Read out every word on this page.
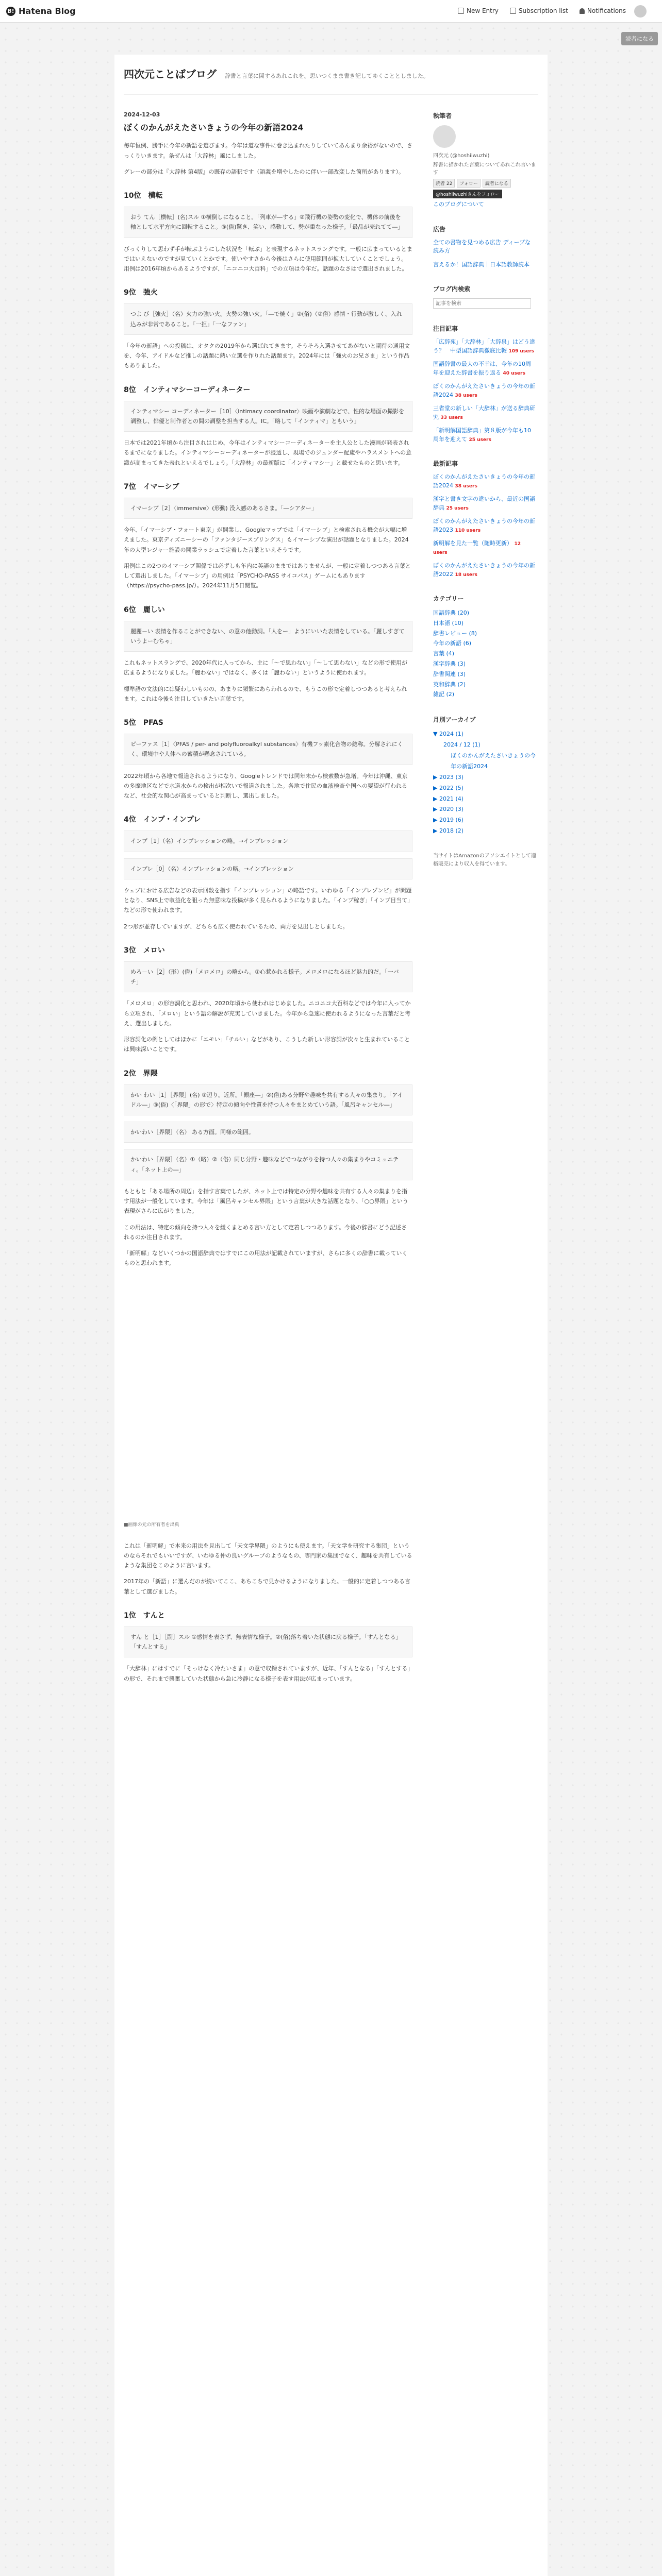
B! Hatena Blog	New Entry	Subscription list	Notifications
読者になる
四次元ことばブログ 辞書と言葉に関するあれこれを。思いつくまま書き記してゆくこととしました。
2024-12-03
ぼくのかんがえたさいきょうの今年の新語2024

毎年恒例、勝手に今年の新語を選びます。今年は道な事件に巻き込まれたりしていてあんまり余裕がないので、さっくりいきます。条ぜんは「大辞林」風にしました。

グレーの部分は『大辞林 第4版』の既存の語釈です（語義を増やしたのに伴い一部改変した箇所があります）。

10位　横転
おう てん［横転］(名)スル ①横倒しになること。「列車が―する」②飛行機の姿勢の変化で、機体の前後を軸として水平方向に回転すること。③(俗)驚き、笑い、感動して、勢が重なった様子。「最品が売れてて―」

びっくりして思わず手が転ぶようにした状況を「転ぶ」と表現するネットスラングです。一般に広まっているとまではいえないのですが見ていくとかです。使いやすさから今後はさらに使用範囲が拡大していくことでしょう。用例は2016年頃からあるようですが、「ニコニコ大百科」での立項は今年だ。話題のなさはで選出されました。

9位　強火
つよ び［強火］（名）火力の強い火。火勢の強い火。「―で焼く」②(俗)（②俗）感情・行動が激しく、入れ込みが非常であること。「一担」「一なファン」

「今年の新語」への投稿は、オタクの2019年から選ばれてきます。そうそろ入選させてあがないと期待の通用文を、今年、アイドルなど推しの話題に熱い立選を作りれた話題ます。2024年には「強火のお兄さま」という作品もありました。

8位　インティマシーコーディネーター
インティマシー コーディネーター［10］〈intimacy coordinator〉映画や演劇などで、性的な場面の撮影を調整し、俳優と制作者との間の調整を担当する人。IC。「略して「インティマ」ともいう」

日本では2021年頃から注目されはじめ、今年はインティマシーコーディネーターを主人公とした漫画が発表されるまでになりました。インティマシーコーディネーターが浸透し、現場でのジェンダー配慮やハラスメントへの意識が高まってきた表れといえるでしょう。「大辞林」の最新版に「インティマシー」と載せたものと思います。

7位　イマーシブ
イマーシブ［2］〈immersive〉(形動) 没入感のあるさま。「―シアター」

今年、「イマーシブ・フォート東京」が開業し、Googleマップでは「イマーシブ」と検索される機会が大幅に増えました。東京ディズニーシーの「ファンタジースプリングス」もイマーシブな演出が話題となりました。2024年の大型レジャー施設の開業ラッシュで定着した言葉といえそうです。

用例はこの2つのイマーシブ関係では必ずしも年内に英語のままではありませんが、一般に定着しつつある言葉として選出しました。「イマーシブ」の用例は「PSYCHO-PASS サイコパス」ゲームにもあります（https://psycho-pass.jp/）。2024年11月5日閲覧。

6位　麗しい
麗麗－い 表情を作ることができない、の意の他動詞。「人をー」ようにいいた表情をしている。「麗しすぎていうよーむちゃ」

これもネットスラングで、2020年代に入ってから、主に「〜で思わない」「〜して思わない」などの形で使用が広まるようになりました。「麗わない」ではなく、多くは「麗わない」というように使われます。

標準語の文法的には疑わしいものの、あまりに頻繁にあらわれるので、もうこの形で定着しつつあると考えられます。これは今後も注目していきたい言葉です。

5位　PFAS
ピーファス［1］〈PFAS / per- and polyfluoroalkyl substances〉有機フッ素化合物の総称。分解されにくく、環境中や人体への蓄積が懸念されている。

2022年頃から各地で報道されるようになり、Googleトレンドでは同年末から検索数が急増。今年は沖縄、東京の多摩地区などで水道水からの検出が相次いで報道されました。各地で住民の血液検査や国への要望が行われるなど、社会的な関心が高まっていると判断し、選出しました。

4位　インプ・インプレ
インプ［1］（名）インプレッションの略。→インプレッション
インプレ［0］（名）インプレッションの略。→インプレッション

ウェブにおける広告などの表示回数を指す「インプレッション」の略語です。いわゆる「インプレゾンビ」が問題となり、SNS上で収益化を狙った無意味な投稿が多く見られるようになりました。「インプ稼ぎ」「インプ目当て」などの形で使われます。

2つ形が並存していますが、どちらも広く使われているため、両方を見出しとしました。

3位　メロい
めろ－い［2］（形）(俗)「メロメロ」の略から。①心惹かれる様子。メロメロになるほど魅力的だ。「一バチ」

「メロメロ」の形容詞化と思われ、2020年頃から使われはじめました。ニコニコ大百科などでは今年に入ってから立項され、「メロい」という語の解説が充実していきました。今年から急速に使われるようになった言葉だと考え、選出しました。

形容詞化の例としてはほかに「エモい」「チルい」などがあり、こうした新しい形容詞が次々と生まれていることは興味深いことです。

2位　界隈
かい わい［1］［界隈］(名) ①辺り。近所。「銀座―」②(俗)ある分野や趣味を共有する人々の集まり。「アイドル―」③(俗)〈「界隈」の形で〉特定の傾向や性質を持つ人々をまとめていう語。「風呂キャンセル―」
かいわい［界隈］（名） ある方面。同様の範囲。
かいわい［界隈］（名）①（略）②（俗）同じ分野・趣味などでつながりを持つ人々の集まりやコミュニティ。「ネット上の―」

もともと「ある場所の周辺」を指す言葉でしたが、ネット上では特定の分野や趣味を共有する人々の集まりを指す用法が一般化しています。今年は「風呂キャンセル界隈」という言葉が大きな話題となり、「○○界隈」という表現がさらに広がりました。

この用法は、特定の傾向を持つ人々を緩くまとめる言い方として定着しつつあります。今後の辞書にどう記述されるのか注目されます。

「新明解」などいくつかの国語辞典ではすでにこの用法が記載されていますが、さらに多くの辞書に載っていくものと思われます。

■画像の元の所有者を出典

これは「新明解」で本来の用法を見出して「天文学界隈」のようにも使えます。「天文学を研究する集団」というのならそれでもいいですが、いわゆる仲の良いグループのようなもの、専門家の集団でなく、趣味を共有しているような集団をこのように言います。

2017年の「新語」に選んだのが続いてここ、あちこちで見かけるようになりました。一般的に定着しつつある言葉として選びました。

1位　すんと
すん と［1］［副］スル ①感情を表さず、無表情な様子。②(俗)落ち着いた状態に戻る様子。「すんとなる」「すんとする」

「大辞林」にはすでに「そっけなく冷たいさま」の意で収録されていますが、近年、「すんとなる」「すんとする」の形で、それまで興奮していた状態から急に冷静になる様子を表す用法が広まっています。

執筆者
四次元 (@hoshiiwuzhi)
辞書に描かれた言葉についてあれこれ言います
読者 22	フォロー	読者になる
@hoshiiwuzhiさんをフォロー
このブログについて
広告
全ての書物を見つめる広告 ディープな読み方
言えるか！国語辞典｜日本語教師読本
ブログ内検索
記事を検索
注目記事
「広辞苑」「大辞林」「大辞泉」はどう違う？　中型国語辞典徹底比較 109 users
国語辞書の最大の不幸は、今年の10周年を迎えた辞書を振り返る 40 users
ぼくのかんがえたさいきょうの今年の新語2024 38 users
三省堂の新しい「大辞林」が送る辞典研究 33 users
「新明解国語辞典」第８版が今年も10周年を迎えて 25 users
最新記事
ぼくのかんがえたさいきょうの今年の新語2024 38 users
漢字と書き文字の違いから、最近の国語辞典 25 users
ぼくのかんがえたさいきょうの今年の新語2023 110 users
新明解を見た一覧（随時更新） 12 users
ぼくのかんがえたさいきょうの今年の新語2022 18 users
カテゴリー
国語辞典 (20)
日本語 (10)
辞書レビュー (8)
今年の新語 (6)
言葉 (4)
漢字辞典 (3)
辞書関連 (3)
英和辞典 (2)
雑記 (2)
月別アーカイブ
▼ 2024 (1)
2024 / 12 (1)
ぼくのかんがえたさいきょうの今年の新語2024
▶ 2023 (3)
▶ 2022 (5)
▶ 2021 (4)
▶ 2020 (3)
▶ 2019 (6)
▶ 2018 (2)
当サイトはAmazonのアソシエイトとして適格販売により収入を得ています。
